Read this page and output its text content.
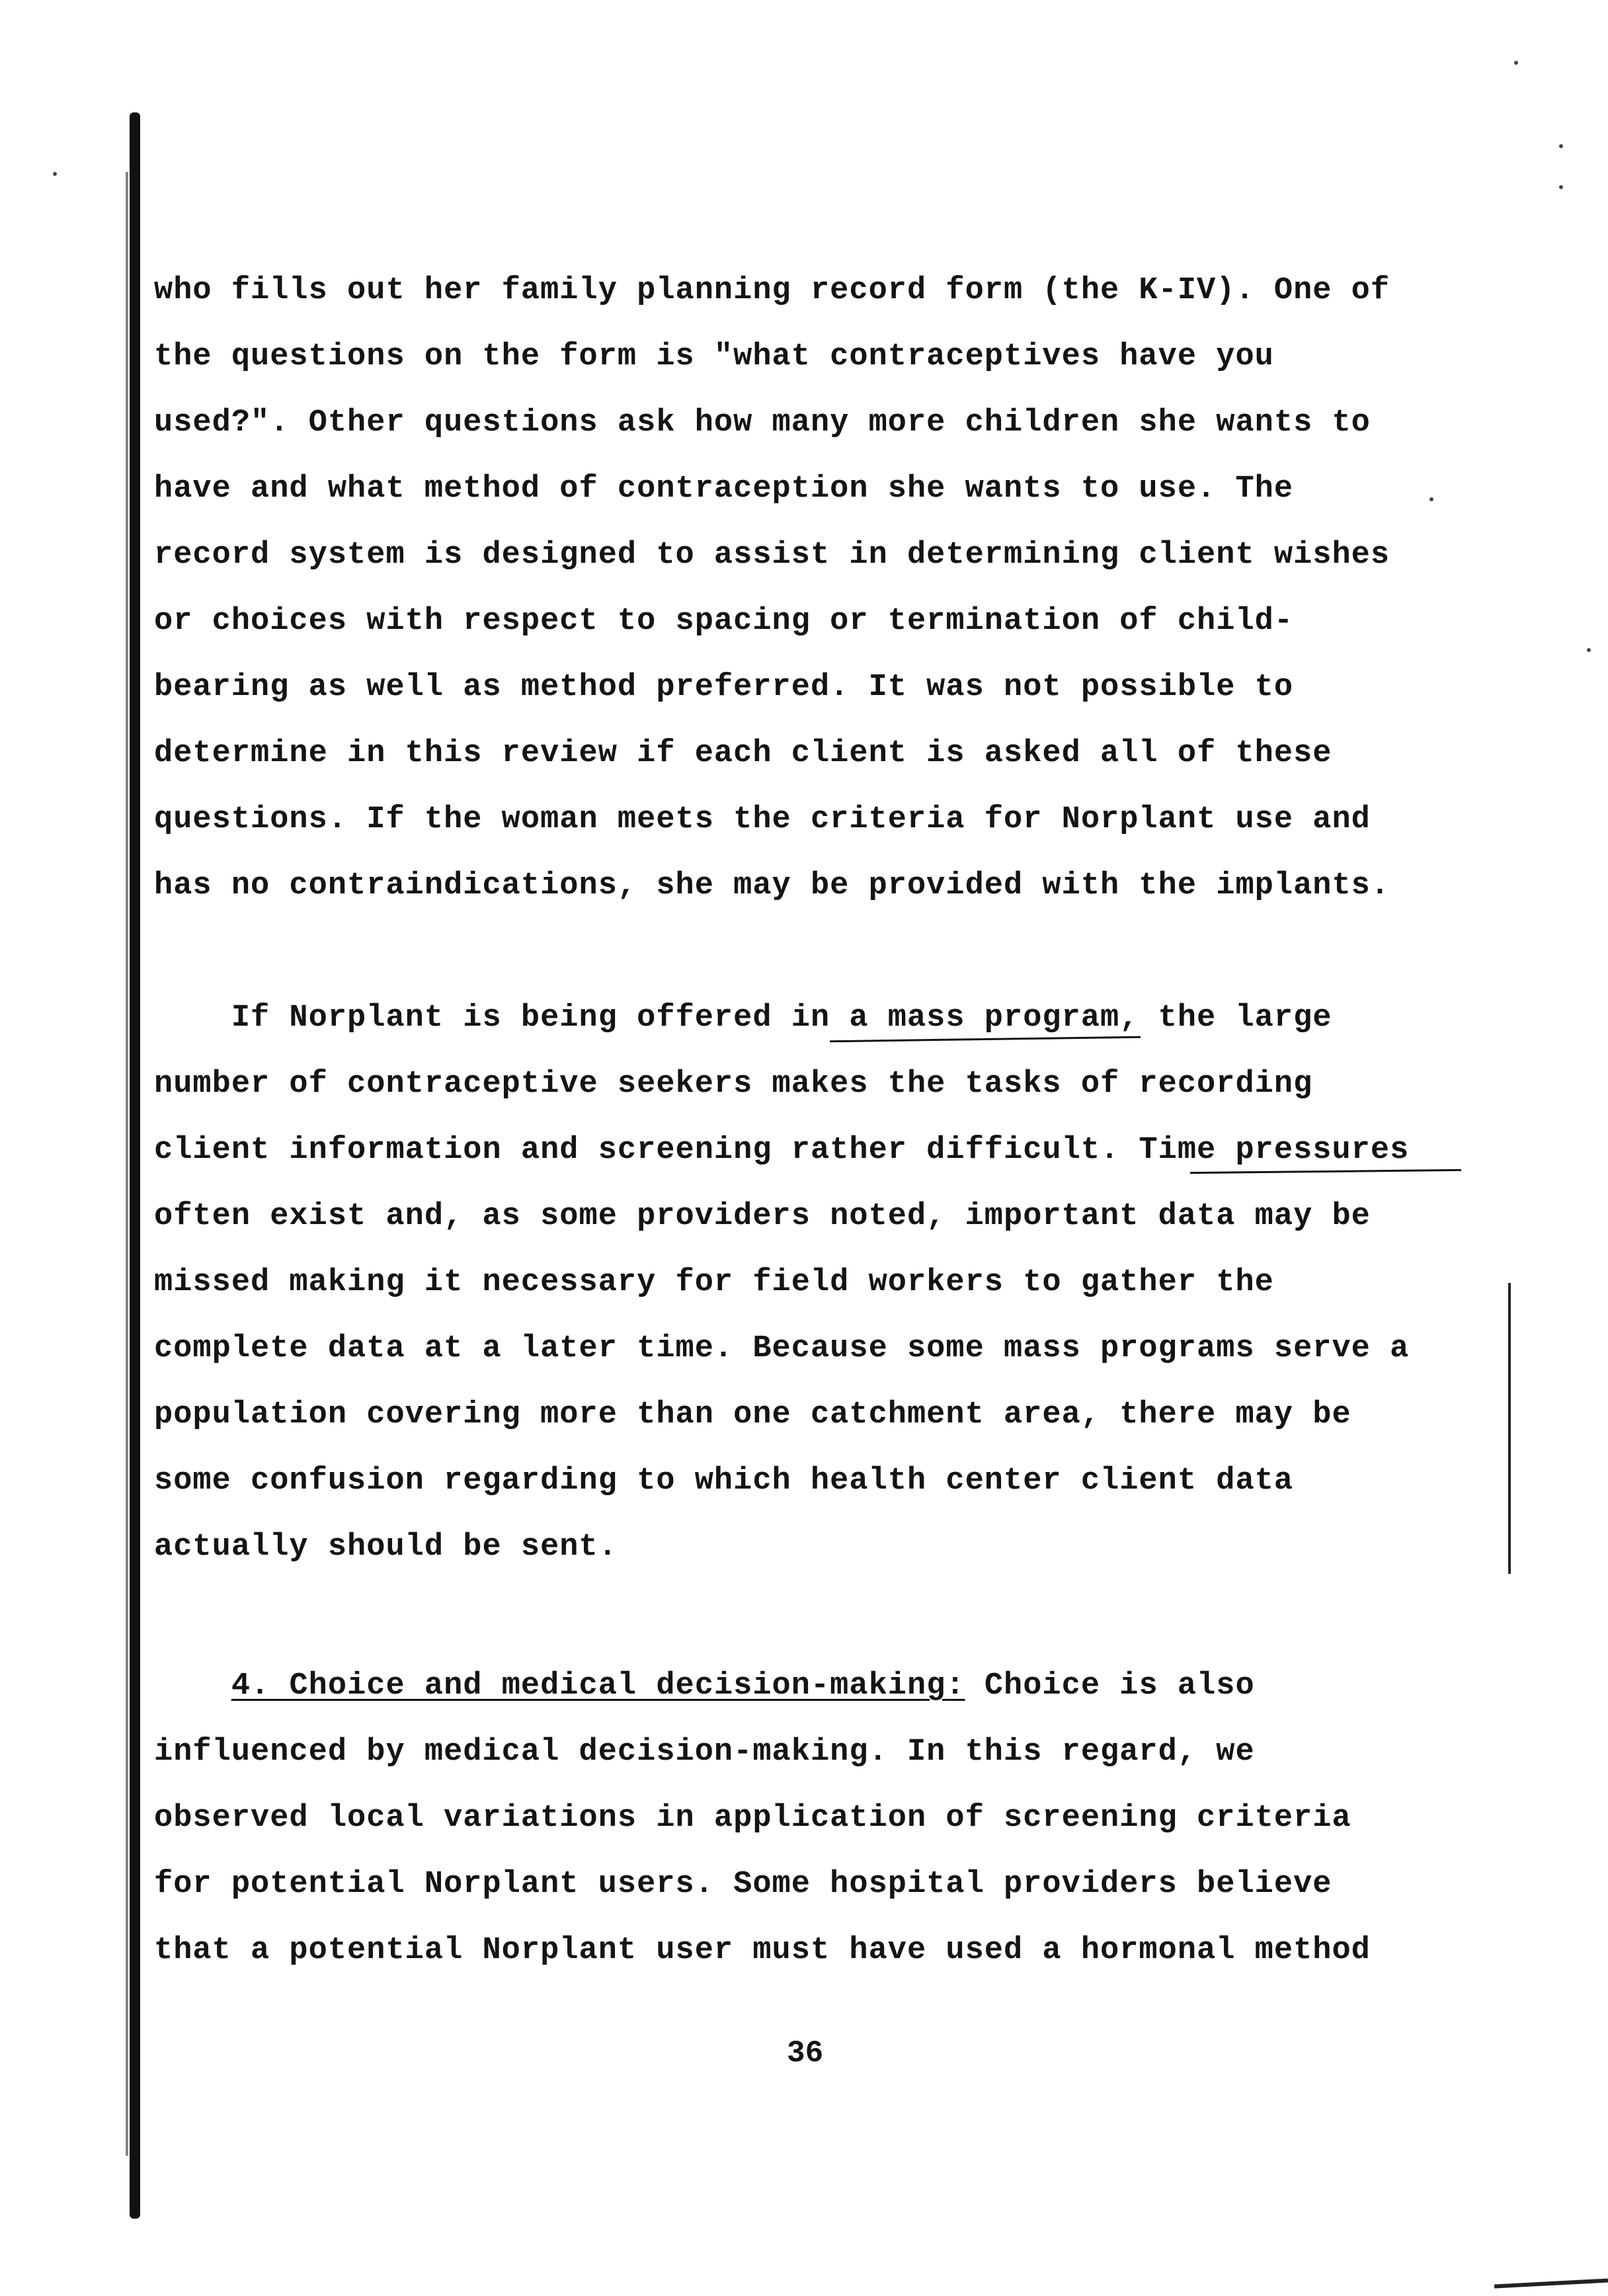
who fills out her family planning record form (the K-IV). One of
the questions on the form is "what contraceptives have you
used?". Other questions ask how many more children she wants to
have and what method of contraception she wants to use. The
record system is designed to assist in determining client wishes
or choices with respect to spacing or termination of child-
bearing as well as method preferred. It was not possible to
determine in this review if each client is asked all of these
questions. If the woman meets the criteria for Norplant use and
has no contraindications, she may be provided with the implants.
If Norplant is being offered in a mass program, the large
number of contraceptive seekers makes the tasks of recording
client information and screening rather difficult. Time pressures
often exist and, as some providers noted, important data may be
missed making it necessary for field workers to gather the
complete data at a later time. Because some mass programs serve a
population covering more than one catchment area, there may be
some confusion regarding to which health center client data
actually should be sent.
4. Choice and medical decision-making: Choice is also
influenced by medical decision-making. In this regard, we
observed local variations in application of screening criteria
for potential Norplant users. Some hospital providers believe
that a potential Norplant user must have used a hormonal method
36
